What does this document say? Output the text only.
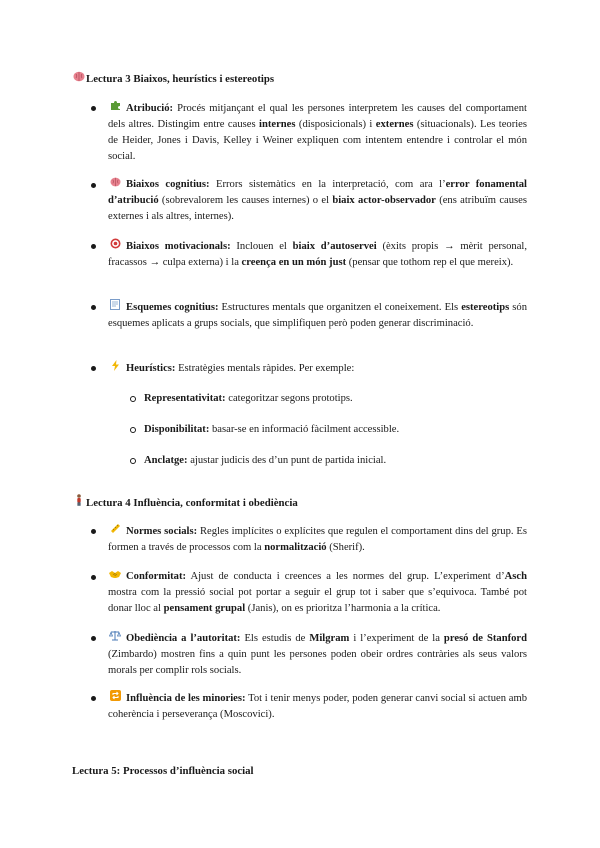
Lectura 3 Biaixos, heurístics i estereotips
Atribució: Procés mitjançant el qual les persones interpretem les causes del comportament dels altres. Distingim entre causes internes (disposicionals) i externes (situacionals). Les teories de Heider, Jones i Davis, Kelley i Weiner expliquen com intentem entendre i controlar el món social.
Biaixos cognitius: Errors sistemàtics en la interpretació, com ara l’error fonamental d’atribució (sobrevalorem les causes internes) o el biaix actor-observador (ens atribuïm causes externes i als altres, internes).
Biaixos motivacionals: Inclouen el biaix d’autoservei (èxits propis → mèrit personal, fracassos → culpa externa) i la creença en un món just (pensar que tothom rep el que mereix).
Esquemes cognitius: Estructures mentals que organitzen el coneixement. Els estereotips són esquemes aplicats a grups socials, que simplifiquen però poden generar discriminació.
Heurístics: Estratègies mentals ràpides. Per exemple:
Representativitat: categoritzar segons prototips.
Disponibilitat: basar-se en informació fàcilment accessible.
Anclatge: ajustar judicis des d’un punt de partida inicial.
Lectura 4 Influència, conformitat i obediència
Normes socials: Regles implícites o explícites que regulen el comportament dins del grup. Es formen a través de processos com la normalització (Sherif).
Conformitat: Ajust de conducta i creences a les normes del grup. L’experiment d’Asch mostra com la pressió social pot portar a seguir el grup tot i saber que s’equivoca. També pot donar lloc al pensament grupal (Janis), on es prioritza l’harmonia a la crítica.
Obediència a l’autoritat: Els estudis de Milgram i l’experiment de la presó de Stanford (Zimbardo) mostren fins a quin punt les persones poden obeir ordres contràries als seus valors morals per complir rols socials.
Influència de les minories: Tot i tenir menys poder, poden generar canvi social si actuen amb coherència i perseverança (Moscovici).
Lectura 5: Processos d’influència social
